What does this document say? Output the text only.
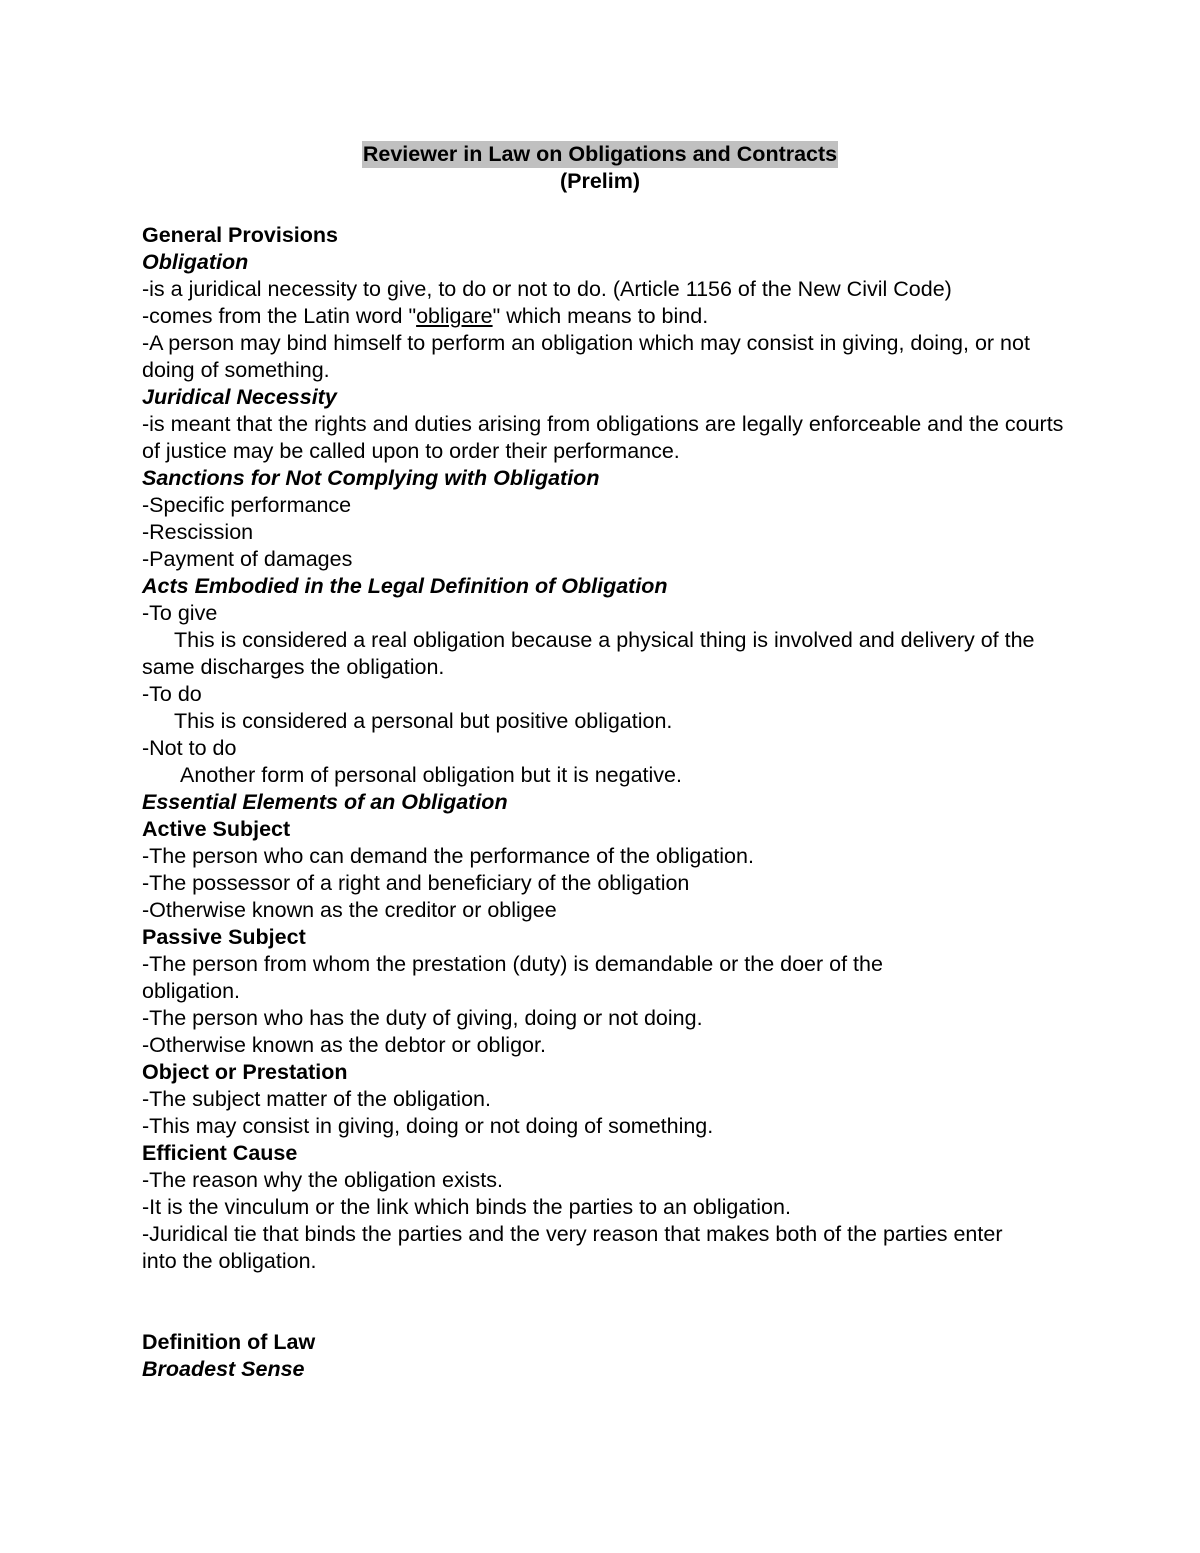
Reviewer in Law on Obligations and Contracts
(Prelim)
General Provisions
Obligation
-is a juridical necessity to give, to do or not to do. (Article 1156 of the New Civil Code)
-comes from the Latin word "obligare" which means to bind.
-A person may bind himself to perform an obligation which may consist in giving, doing, or not doing of something.
Juridical Necessity
-is meant that the rights and duties arising from obligations are legally enforceable and the courts of justice may be called upon to order their performance.
Sanctions for Not Complying with Obligation
-Specific performance
-Rescission
-Payment of damages
Acts Embodied in the Legal Definition of Obligation
-To give
This is considered a real obligation because a physical thing is involved and delivery of the same discharges the obligation.
-To do
This is considered a personal but positive obligation.
-Not to do
Another form of personal obligation but it is negative.
Essential Elements of an Obligation
Active Subject
-The person who can demand the performance of the obligation.
-The possessor of a right and beneficiary of the obligation
-Otherwise known as the creditor or obligee
Passive Subject
-The person from whom the prestation (duty) is demandable or the doer of the obligation.
-The person who has the duty of giving, doing or not doing.
-Otherwise known as the debtor or obligor.
Object or Prestation
-The subject matter of the obligation.
-This may consist in giving, doing or not doing of something.
Efficient Cause
-The reason why the obligation exists.
-It is the vinculum or the link which binds the parties to an obligation.
-Juridical tie that binds the parties and the very reason that makes both of the parties enter into the obligation.
Definition of Law
Broadest Sense
